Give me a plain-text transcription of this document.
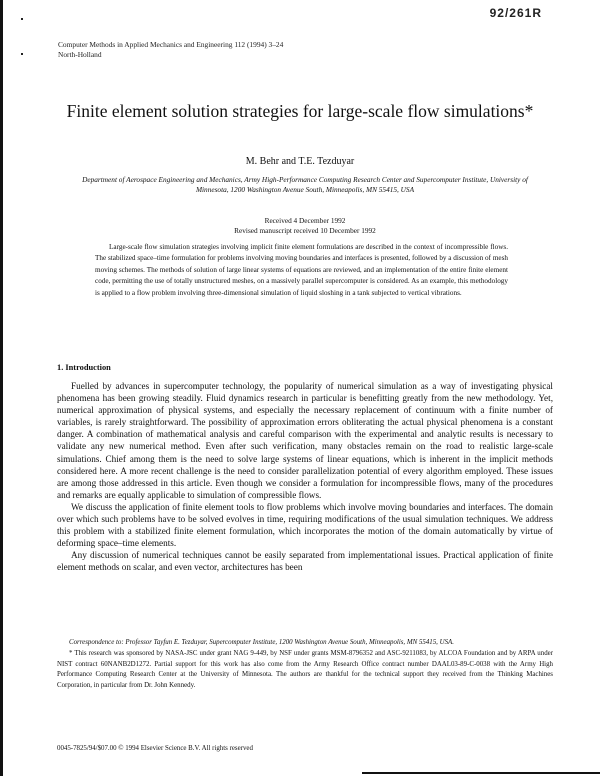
92/261R
Computer Methods in Applied Mechanics and Engineering 112 (1994) 3–24
North-Holland
Finite element solution strategies for large-scale flow simulations*
M. Behr and T.E. Tezduyar
Department of Aerospace Engineering and Mechanics, Army High-Performance Computing Research Center and Supercomputer Institute, University of Minnesota, 1200 Washington Avenue South, Minneapolis, MN 55415, USA
Received 4 December 1992
Revised manuscript received 10 December 1992

Large-scale flow simulation strategies involving implicit finite element formulations are described in the context of incompressible flows. The stabilized space–time formulation for problems involving moving boundaries and interfaces is presented, followed by a discussion of mesh moving schemes. The methods of solution of large linear systems of equations are reviewed, and an implementation of the entire finite element code, permitting the use of totally unstructured meshes, on a massively parallel supercomputer is considered. As an example, this methodology is applied to a flow problem involving three-dimensional simulation of liquid sloshing in a tank subjected to vertical vibrations.

1. Introduction

Fuelled by advances in supercomputer technology, the popularity of numerical simulation as a way of investigating physical phenomena has been growing steadily. Fluid dynamics research in particular is benefitting greatly from the new methodology. Yet, numerical approximation of physical systems, and especially the necessary replacement of continuum with a finite number of variables, is rarely straightforward. The possibility of approximation errors obliterating the actual physical phenomena is a constant danger. A combination of mathematical analysis and careful comparison with the experimental and analytic results is necessary to validate any new numerical method. Even after such verification, many obstacles remain on the road to realistic large-scale simulations. Chief among them is the need to solve large systems of linear equations, which is inherent in the implicit methods considered here. A more recent challenge is the need to consider parallelization potential of every algorithm employed. These issues are among those addressed in this article. Even though we consider a formulation for incompressible flows, many of the procedures and remarks are equally applicable to simulation of compressible flows.

We discuss the application of finite element tools to flow problems which involve moving boundaries and interfaces. The domain over which such problems have to be solved evolves in time, requiring modifications of the usual simulation techniques. We address this problem with a stabilized finite element formulation, which incorporates the motion of the domain automatically by virtue of deforming space–time elements.

Any discussion of numerical techniques cannot be easily separated from implementational issues. Practical application of finite element methods on scalar, and even vector, architectures has been

Correspondence to: Professor Tayfun E. Tezduyar, Supercomputer Institute, 1200 Washington Avenue South, Minneapolis, MN 55415, USA.

* This research was sponsored by NASA-JSC under grant NAG 9-449, by NSF under grants MSM-8796352 and ASC-9211083, by ALCOA Foundation and by ARPA under NIST contract 60NANB2D1272. Partial support for this work has also come from the Army Research Office contract number DAAL03-89-C-0038 with the Army High Performance Computing Research Center at the University of Minnesota. The authors are thankful for the technical support they received from the Thinking Machines Corporation, in particular from Dr. John Kennedy.

0045-7825/94/$07.00 © 1994 Elsevier Science B.V. All rights reserved
